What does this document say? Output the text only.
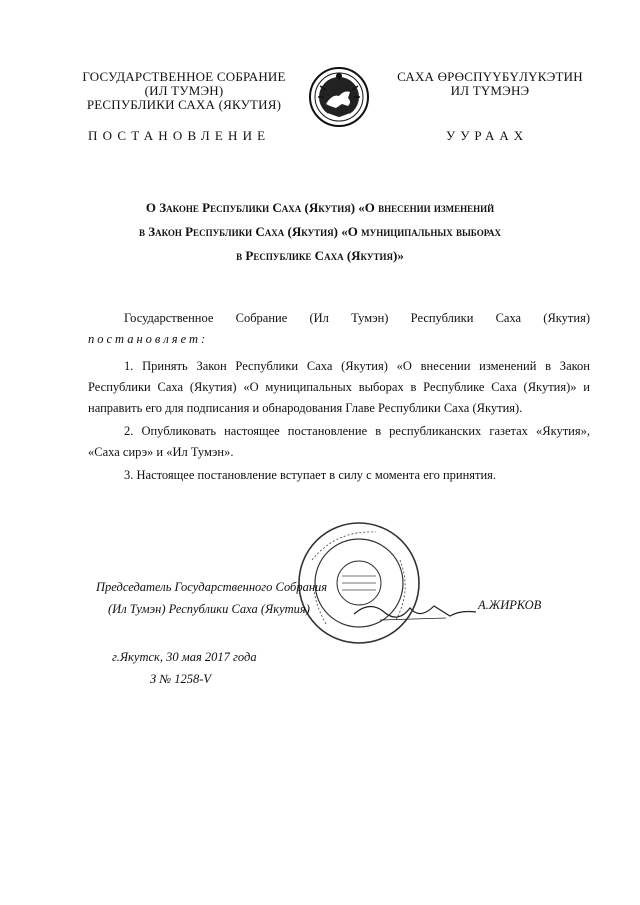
ГОСУДАРСТВЕННОЕ СОБРАНИЕ
(ИЛ ТУМЭН)
РЕСПУБЛИКИ САХА (ЯКУТИЯ)
ПОСТАНОВЛЕНИЕ
САХА ӨРӨСПҮҮБҮЛҮКЭТИН
ИЛ ТҮМЭНЭ
УУРААХ
О Законе Республики Саха (Якутия) «О внесении изменений
в Закон Республики Саха (Якутия) «О муниципальных выборах
в Республике Саха (Якутия)»

Государственное Собрание (Ил Тумэн) Республики Саха (Якутия)

постановляет:

1. Принять Закон Республики Саха (Якутия) «О внесении изменений в Закон Республики Саха (Якутия) «О муниципальных выборах в Республике Саха (Якутия)» и направить его для подписания и обнародования Главе Республики Саха (Якутия).

2. Опубликовать настоящее постановление в республиканских газетах «Якутия», «Саха сирэ» и «Ил Тумэн».

3. Настоящее постановление вступает в силу с момента его принятия.

Председатель Государственного Собрания
(Ил Тумэн) Республики Саха (Якутия)	А.ЖИРКОВ
г.Якутск, 30 мая 2017 года
З № 1258-V
